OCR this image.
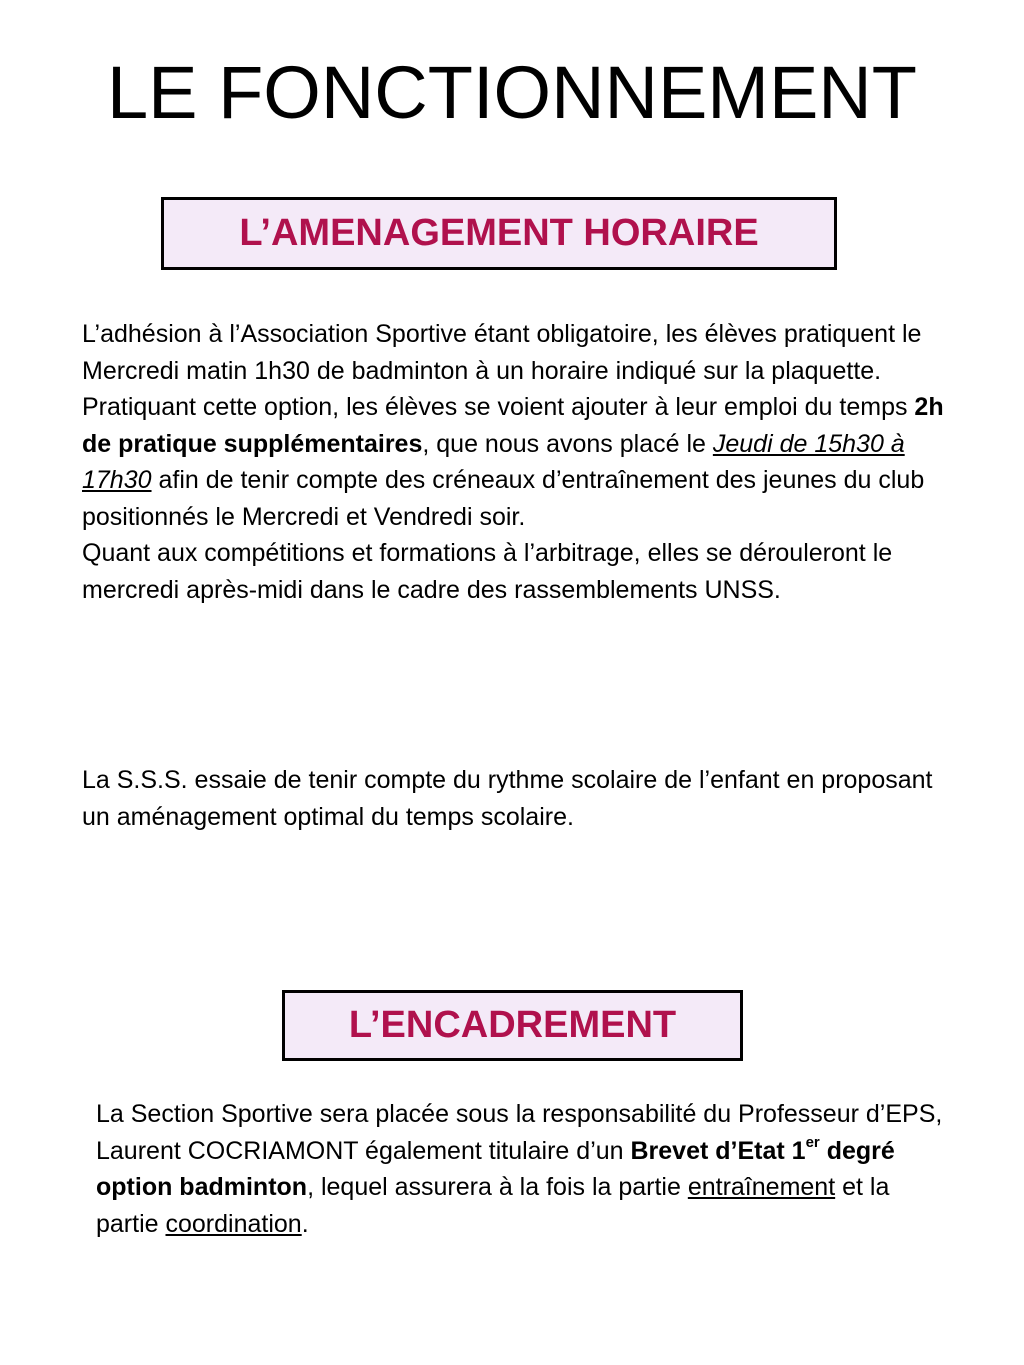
LE FONCTIONNEMENT
L’AMENAGEMENT HORAIRE
L’adhésion à l’Association Sportive étant obligatoire, les élèves pratiquent le Mercredi matin 1h30 de badminton à un horaire indiqué sur la plaquette.
Pratiquant cette option, les élèves se voient ajouter à leur emploi du temps 2h de pratique supplémentaires, que nous avons placé le Jeudi de 15h30 à 17h30 afin de tenir compte des créneaux d’entraînement des jeunes du club positionnés le Mercredi et Vendredi soir.
Quant aux compétitions et formations à l’arbitrage, elles se dérouleront le mercredi après-midi dans le cadre des rassemblements UNSS.
La S.S.S. essaie de tenir compte du rythme scolaire de l’enfant en proposant un aménagement optimal du temps scolaire.
L’ENCADREMENT
La Section Sportive sera placée sous la responsabilité du Professeur d’EPS, Laurent COCRIAMONT également titulaire d’un Brevet d’Etat 1er degré option badminton, lequel assurera à la fois la partie entraînement et la partie coordination.
